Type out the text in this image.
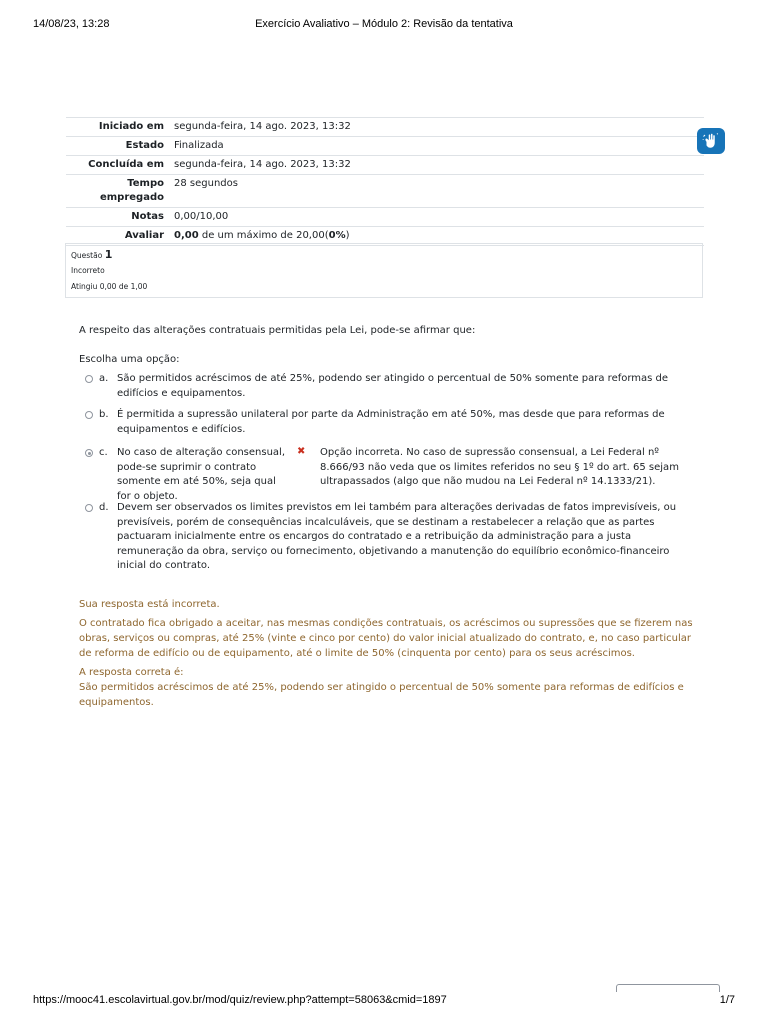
14/08/23, 13:28	Exercício Avaliativo – Módulo 2: Revisão da tentativa
Iniciado em	segunda-feira, 14 ago. 2023, 13:32
Estado	Finalizada
Concluída em	segunda-feira, 14 ago. 2023, 13:32
Tempo empregado	28 segundos
Notas	0,00/10,00
Avaliar	0,00 de um máximo de 20,00(0%)
Questão 1
Incorreto
Atingiu 0,00 de 1,00
A respeito das alterações contratuais permitidas pela Lei, pode-se afirmar que:
Escolha uma opção:
a. São permitidos acréscimos de até 25%, podendo ser atingido o percentual de 50% somente para reformas de edifícios e equipamentos.
b. É permitida a supressão unilateral por parte da Administração em até 50%, mas desde que para reformas de equipamentos e edifícios.
c. No caso de alteração consensual, pode-se suprimir o contrato somente em até 50%, seja qual for o objeto.
✖ Opção incorreta. No caso de supressão consensual, a Lei Federal nº 8.666/93 não veda que os limites referidos no seu § 1º do art. 65 sejam ultrapassados (algo que não mudou na Lei Federal nº 14.1333/21).
d. Devem ser observados os limites previstos em lei também para alterações derivadas de fatos imprevisíveis, ou previsíveis, porém de consequências incalculáveis, que se destinam a restabelecer a relação que as partes pactuaram inicialmente entre os encargos do contratado e a retribuição da administração para a justa remuneração da obra, serviço ou fornecimento, objetivando a manutenção do equilíbrio econômico-financeiro inicial do contrato.

Sua resposta está incorreta.

O contratado fica obrigado a aceitar, nas mesmas condições contratuais, os acréscimos ou supressões que se fizerem nas obras, serviços ou compras, até 25% (vinte e cinco por cento) do valor inicial atualizado do contrato, e, no caso particular de reforma de edifício ou de equipamento, até o limite de 50% (cinquenta por cento) para os seus acréscimos.

A resposta correta é:

São permitidos acréscimos de até 25%, podendo ser atingido o percentual de 50% somente para reformas de edifícios e equipamentos.

https://mooc41.escolavirtual.gov.br/mod/quiz/review.php?attempt=58063&cmid=1897	1/7
